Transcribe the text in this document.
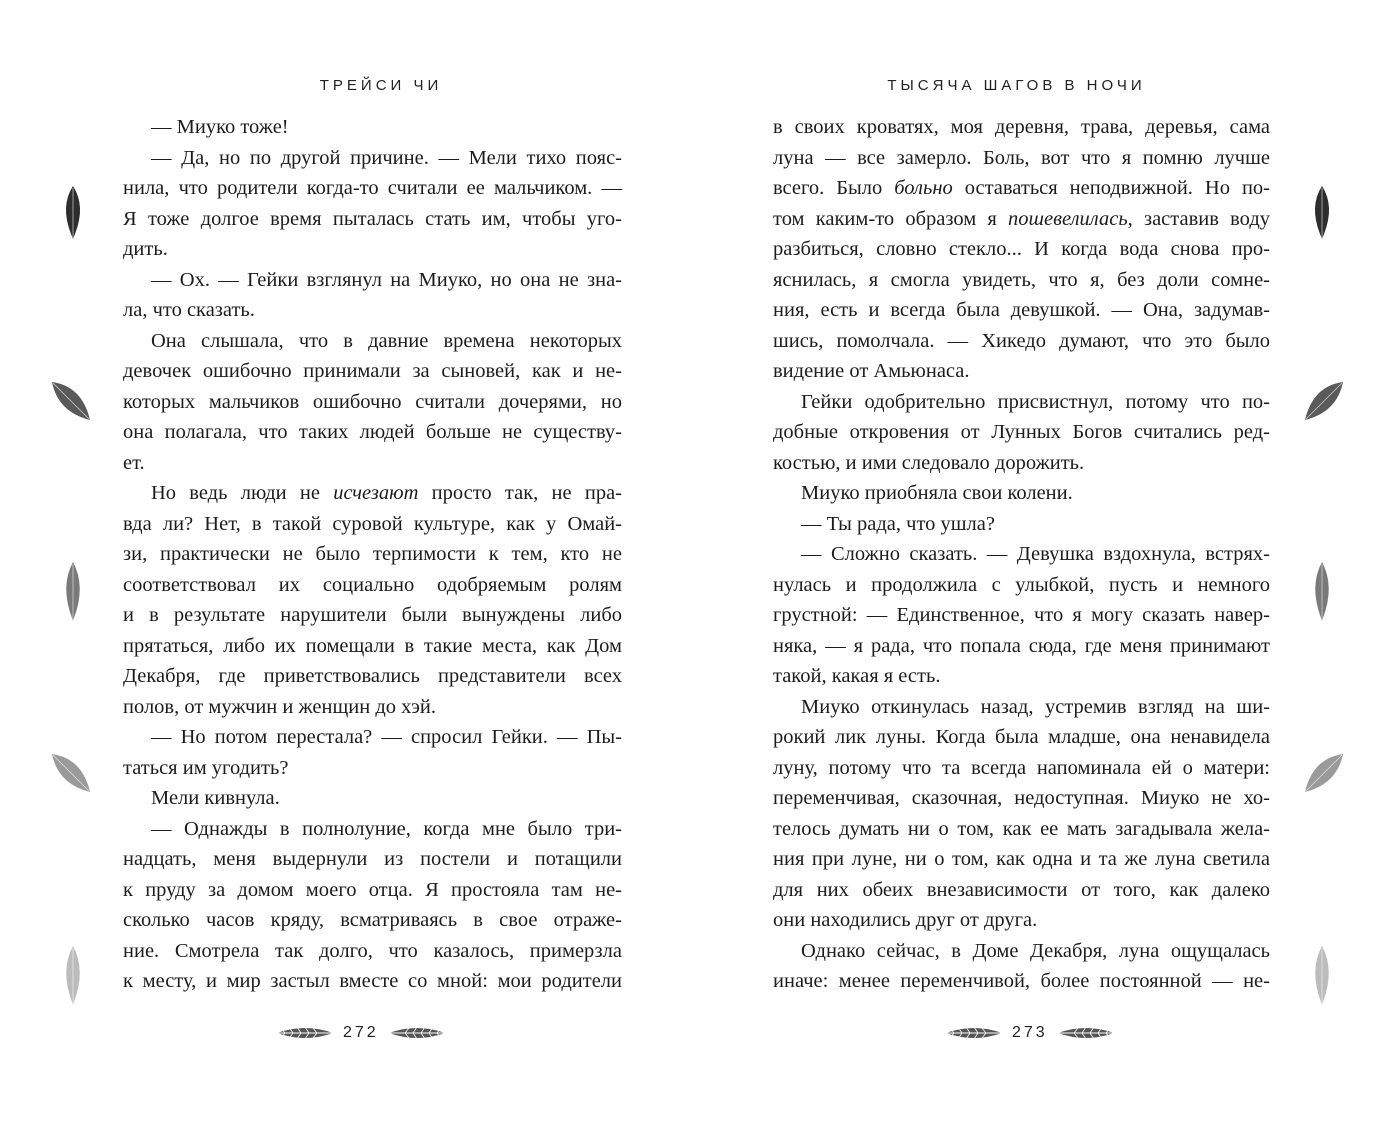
ТРЕЙСИ ЧИ
— Миуко тоже!
— Да, но по другой причине. — Мели тихо пояс-
нила, что родители когда-то считали ее мальчиком. —
Я тоже долгое время пыталась стать им, чтобы уго-
дить.
— Ох. — Гейки взглянул на Миуко, но она не зна-
ла, что сказать.
Она слышала, что в давние времена некоторых
девочек ошибочно принимали за сыновей, как и не-
которых мальчиков ошибочно считали дочерями, но
она полагала, что таких людей больше не существу-
ет.
Но ведь люди не исчезают просто так, не пра-
вда ли? Нет, в такой суровой культуре, как у Омай-
зи, практически не было терпимости к тем, кто не
соответствовал их социально одобряемым ролям
и в результате нарушители были вынуждены либо
прятаться, либо их помещали в такие места, как Дом
Декабря, где приветствовались представители всех
полов, от мужчин и женщин до хэй.
— Но потом перестала? — спросил Гейки. — Пы-
таться им угодить?
Мели кивнула.
— Однажды в полнолуние, когда мне было три-
надцать, меня выдернули из постели и потащили
к пруду за домом моего отца. Я простояла там не-
сколько часов кряду, всматриваясь в свое отраже-
ние. Смотрела так долго, что казалось, примерзла
к месту, и мир застыл вместе со мной: мои родители
272
ТЫСЯЧА ШАГОВ В НОЧИ
в своих кроватях, моя деревня, трава, деревья, сама
луна — все замерло. Боль, вот что я помню лучше
всего. Было больно оставаться неподвижной. Но по-
том каким-то образом я пошевелилась, заставив воду
разбиться, словно стекло... И когда вода снова про-
яснилась, я смогла увидеть, что я, без доли сомне-
ния, есть и всегда была девушкой. — Она, задумав-
шись, помолчала. — Хикедо думают, что это было
видение от Амьюнаса.
Гейки одобрительно присвистнул, потому что по-
добные откровения от Лунных Богов считались ред-
костью, и ими следовало дорожить.
Миуко приобняла свои колени.
— Ты рада, что ушла?
— Сложно сказать. — Девушка вздохнула, встрях-
нулась и продолжила с улыбкой, пусть и немного
грустной: — Единственное, что я могу сказать навер-
няка, — я рада, что попала сюда, где меня принимают
такой, какая я есть.
Миуко откинулась назад, устремив взгляд на ши-
рокий лик луны. Когда была младше, она ненавидела
луну, потому что та всегда напоминала ей о матери:
переменчивая, сказочная, недоступная. Миуко не хо-
телось думать ни о том, как ее мать загадывала жела-
ния при луне, ни о том, как одна и та же луна светила
для них обеих внезависимости от того, как далеко
они находились друг от друга.
Однако сейчас, в Доме Декабря, луна ощущалась
иначе: менее переменчивой, более постоянной — не-
273
